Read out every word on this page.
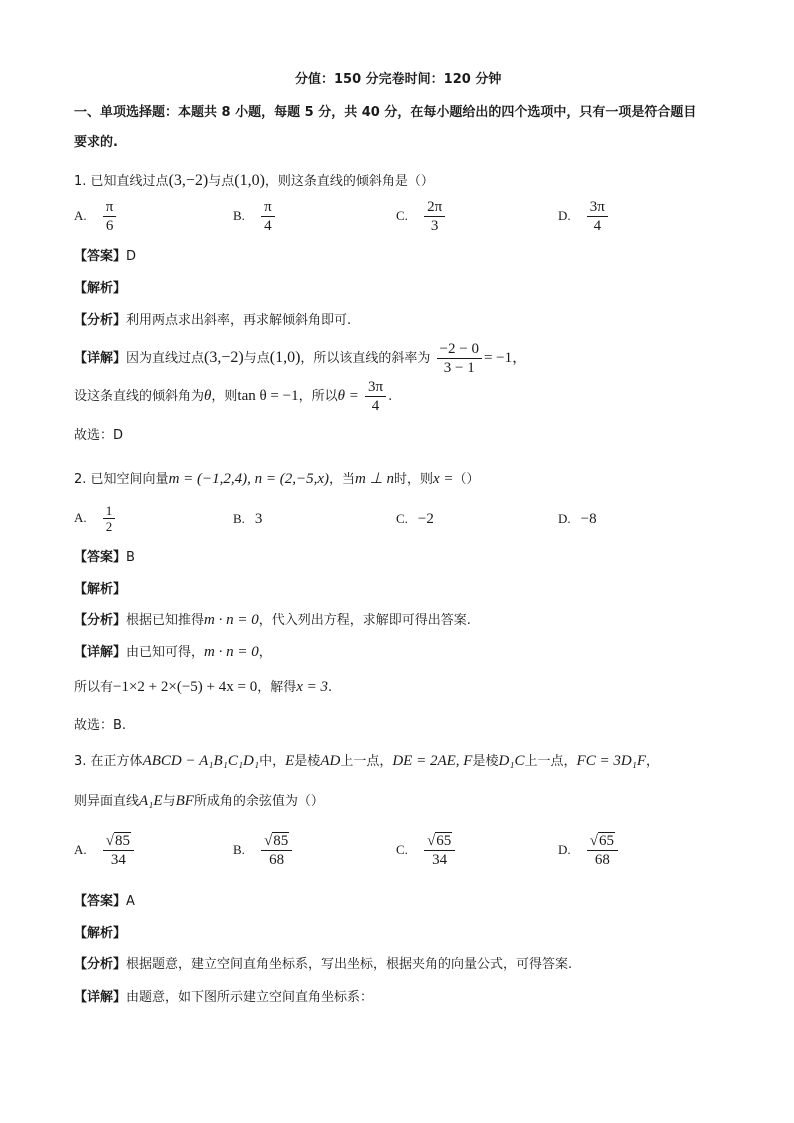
分值：150 分完卷时间：120 分钟
一、单项选择题：本题共 8 小题，每题 5 分，共 40 分，在每小题给出的四个选项中，只有一项是符合题目
要求的.
1. 已知直线过点(3,−2)与点(1,0)，则这条直线的倾斜角是（）
A. $\frac{\pi}{6}$	B. $\frac{\pi}{4}$	C. $\frac{2\pi}{3}$	D. $\frac{3\pi}{4}$
【答案】D
【解析】
【分析】利用两点求出斜率，再求解倾斜角即可.
【详解】因为直线过点(3,−2)与点(1,0)，所以该直线的斜率为 $\frac{-2 - 0}{3 - 1} = -1$，
设这条直线的倾斜角为θ，则tan θ = −1，所以$\theta = \frac{3\pi}{4}$ .
故选：D
2. 已知空间向量m = (−1,2,4), n = (2,−5,x)，当m ⊥ n时，则x =（）
A. $\frac{1}{2}$	B. 3	C. −2	D. −8
【答案】B
【解析】
【分析】根据已知推得m · n = 0，代入列出方程，求解即可得出答案.
【详解】由已知可得，m · n = 0，
所以有−1×2 + 2×(−5) + 4x = 0，解得x = 3.
故选：B.
3. 在正方体ABCD − A₁B₁C₁D₁中，E是棱AD上一点，DE = 2AE, F是棱D₁C上一点，FC = 3D₁F，
则异面直线A₁E与BF所成角的余弦值为（）
A. $\frac{√85}{34}$	B. $\frac{√85}{68}$	C. $\frac{√65}{34}$	D. $\frac{√65}{68}$
【答案】A
【解析】
【分析】根据题意，建立空间直角坐标系，写出坐标，根据夹角的向量公式，可得答案.
【详解】由题意，如下图所示建立空间直角坐标系：
